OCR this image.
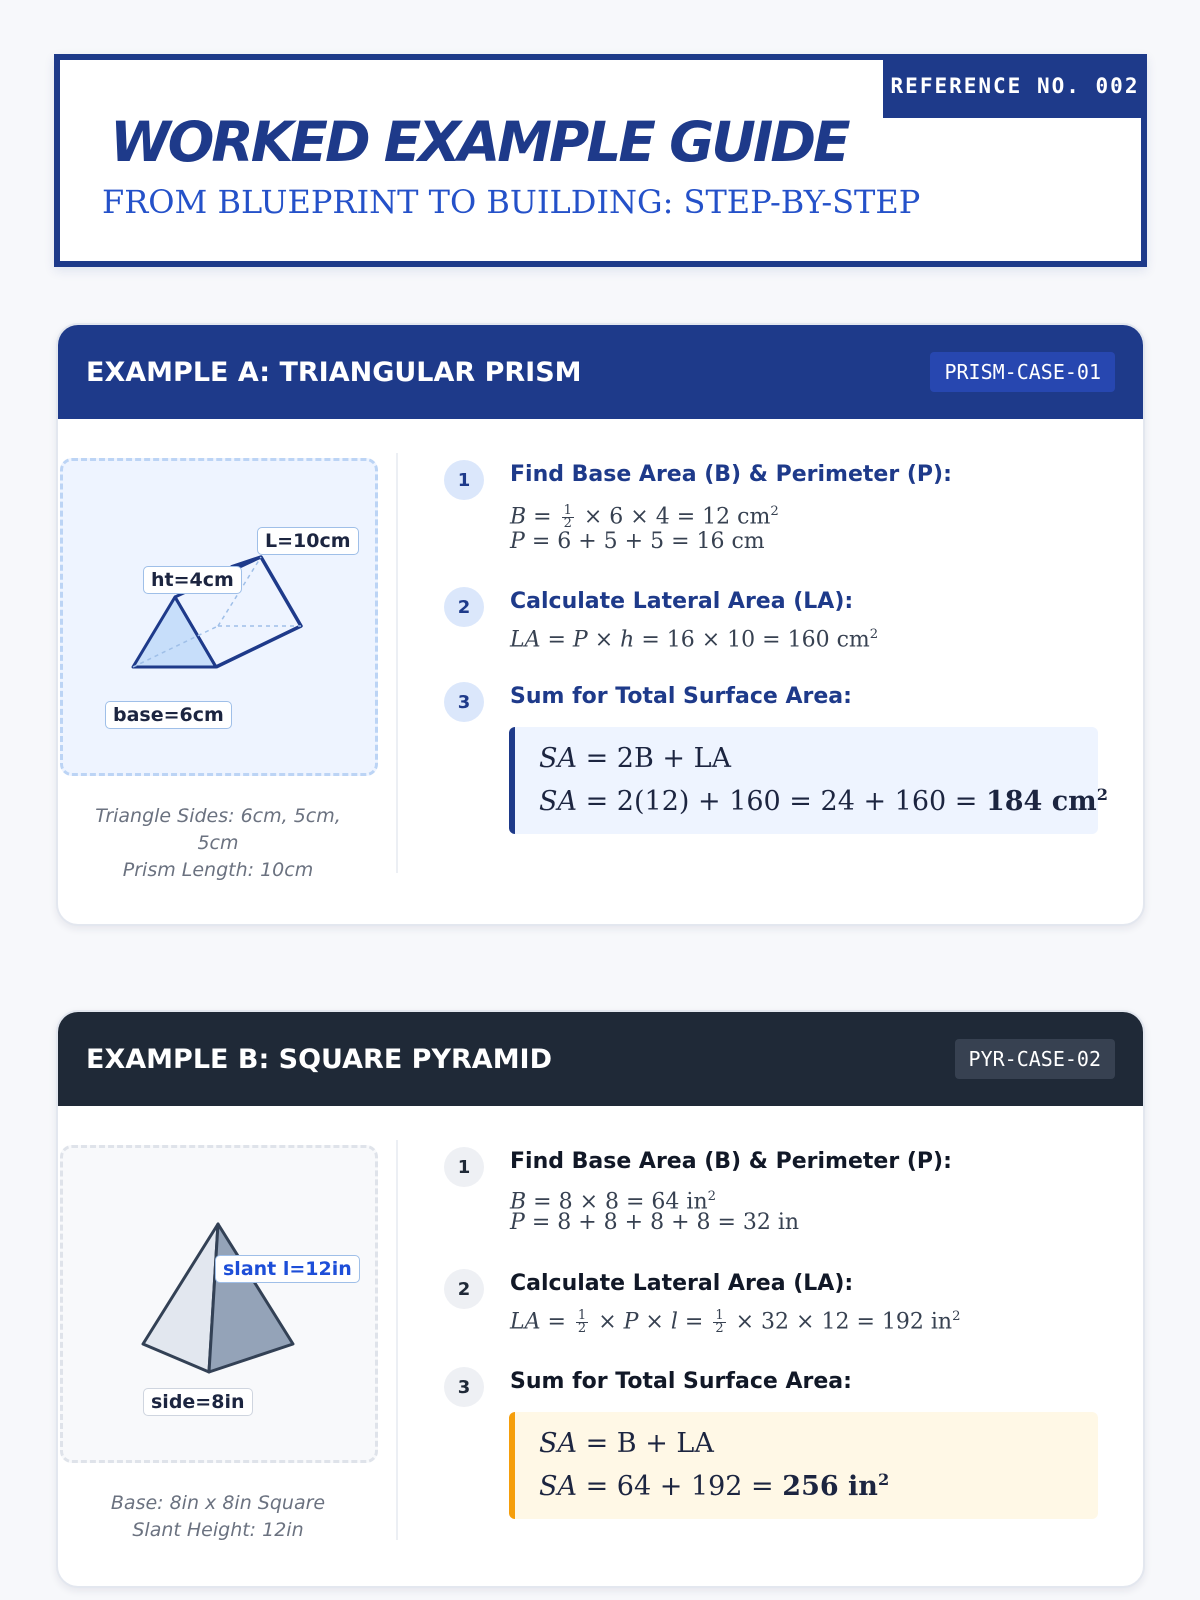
REFERENCE NO. 002
WORKED EXAMPLE GUIDE
FROM BLUEPRINT TO BUILDING: STEP-BY-STEP
EXAMPLE A: TRIANGULAR PRISM	PRISM-CASE-01
L=10cm
ht=4cm
base=6cm
Triangle Sides: 6cm, 5cm,
5cm
Prism Length: 10cm
1	Find Base Area (B) & Perimeter (P):
$B = \frac{1}{2} \times 6 \times 4 = 12$ $cm^2$
P = 6 + 5 + 5 = 16 cm
2	Calculate Lateral Area (LA):
LA = P × h = 16 × 10 = 160 $cm^2$
3	Sum for Total Surface Area:
SA = 2B + LA
SA = 2(12) + 160 = 24 + 160 = 184 $cm^2$
EXAMPLE B: SQUARE PYRAMID	PYR-CASE-02
slant l=12in
side=8in
Base: 8in x 8in Square
Slant Height: 12in
1	Find Base Area (B) & Perimeter (P):
B = 8 × 8 = 64 $in^2$
P = 8 + 8 + 8 + 8 = 32 in
2	Calculate Lateral Area (LA):
LA = $\frac{1}{2} \times P \times l = \frac{1}{2} \times 32 \times 12 = 192$ $in^2$
3	Sum for Total Surface Area:
SA = B + LA
SA = 64 + 192 = 256 $in^2$
